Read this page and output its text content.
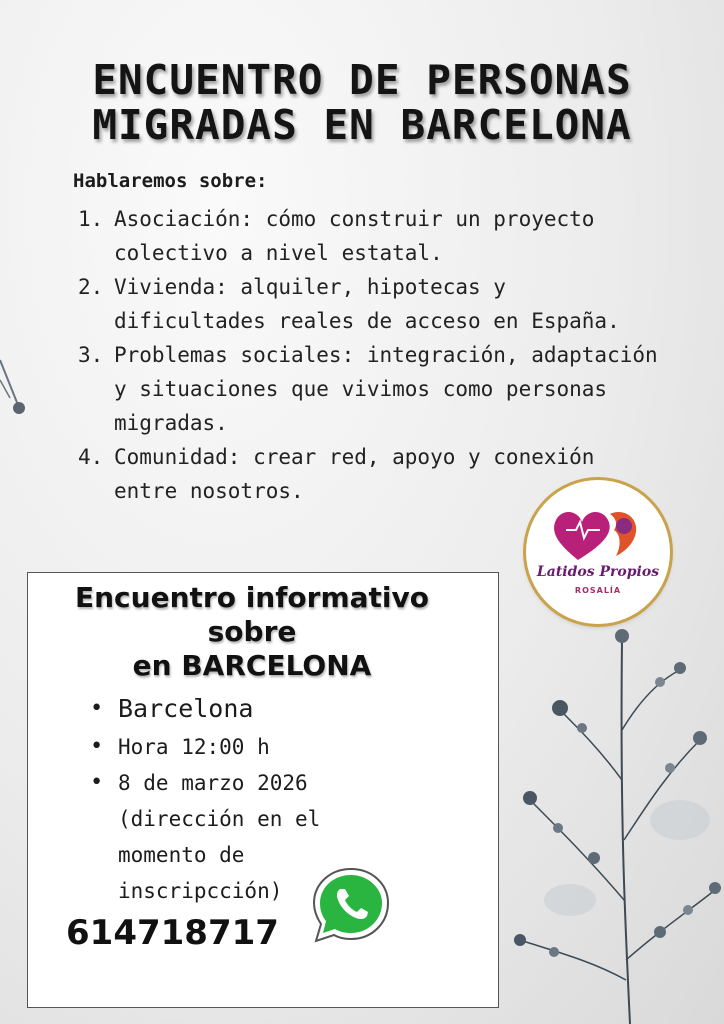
ENCUENTRO DE PERSONAS
MIGRADAS EN BARCELONA

Hablaremos sobre:

1. Asociación: cómo construir un proyecto colectivo a nivel estatal.
2. Vivienda: alquiler, hipotecas y dificultades reales de acceso en España.
3. Problemas sociales: integración, adaptación y situaciones que vivimos como personas migradas.
4. Comunidad: crear red, apoyo y conexión entre nosotros.
Latidos Propios
ROSALÍA
Encuentro informativo
sobre
en BARCELONA
• Barcelona
• Hora 12:00 h
• 8 de marzo 2026 (dirección en el momento de inscripcción)

614718717
